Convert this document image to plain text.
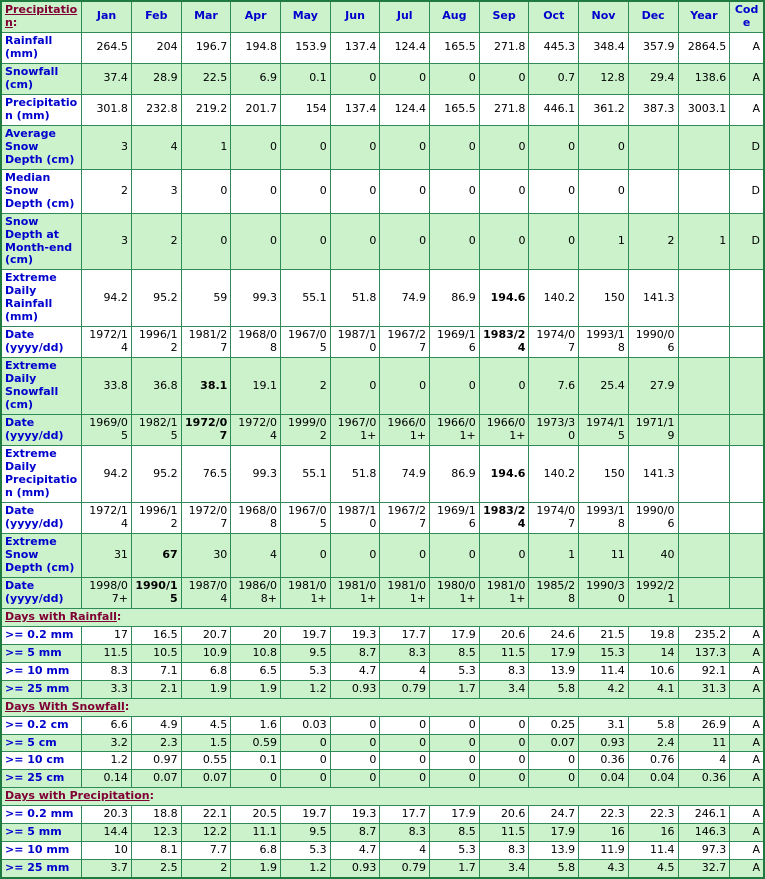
Precipitation:	Jan	Feb	Mar	Apr	May	Jun	Jul	Aug	Sep	Oct	Nov	Dec	Year	Code
Rainfall (mm)	264.5	204	196.7	194.8	153.9	137.4	124.4	165.5	271.8	445.3	348.4	357.9	2864.5	A
Snowfall (cm)	37.4	28.9	22.5	6.9	0.1	0	0	0	0	0.7	12.8	29.4	138.6	A
Precipitation (mm)	301.8	232.8	219.2	201.7	154	137.4	124.4	165.5	271.8	446.1	361.2	387.3	3003.1	A
Average Snow Depth (cm)	3	4	1	0	0	0	0	0	0	0	0			D
Median Snow Depth (cm)	2	3	0	0	0	0	0	0	0	0	0			D
Snow Depth at Month-end (cm)	3	2	0	0	0	0	0	0	0	0	1	2	1	D
Extreme Daily Rainfall (mm)	94.2	95.2	59	99.3	55.1	51.8	74.9	86.9	194.6	140.2	150	141.3		
Date (yyyy/dd)	1972/14	1996/12	1981/27	1968/08	1967/05	1987/10	1967/27	1969/16	1983/24	1974/07	1993/18	1990/06		
Extreme Daily Snowfall (cm)	33.8	36.8	38.1	19.1	2	0	0	0	0	7.6	25.4	27.9		
Date (yyyy/dd)	1969/05	1982/15	1972/07	1972/04	1999/02	1967/01+	1966/01+	1966/01+	1966/01+	1973/30	1974/15	1971/19		
Extreme Daily Precipitation (mm)	94.2	95.2	76.5	99.3	55.1	51.8	74.9	86.9	194.6	140.2	150	141.3		
Date (yyyy/dd)	1972/14	1996/12	1972/07	1968/08	1967/05	1987/10	1967/27	1969/16	1983/24	1974/07	1993/18	1990/06		
Extreme Snow Depth (cm)	31	67	30	4	0	0	0	0	0	1	11	40		
Date (yyyy/dd)	1998/07+	1990/15	1987/04	1986/08+	1981/01+	1981/01+	1981/01+	1980/01+	1981/01+	1985/28	1990/30	1992/21		
Days with Rainfall:														
>= 0.2 mm	17	16.5	20.7	20	19.7	19.3	17.7	17.9	20.6	24.6	21.5	19.8	235.2	A
>= 5 mm	11.5	10.5	10.9	10.8	9.5	8.7	8.3	8.5	11.5	17.9	15.3	14	137.3	A
>= 10 mm	8.3	7.1	6.8	6.5	5.3	4.7	4	5.3	8.3	13.9	11.4	10.6	92.1	A
>= 25 mm	3.3	2.1	1.9	1.9	1.2	0.93	0.79	1.7	3.4	5.8	4.2	4.1	31.3	A
Days With Snowfall:														
>= 0.2 cm	6.6	4.9	4.5	1.6	0.03	0	0	0	0	0.25	3.1	5.8	26.9	A
>= 5 cm	3.2	2.3	1.5	0.59	0	0	0	0	0	0.07	0.93	2.4	11	A
>= 10 cm	1.2	0.97	0.55	0.1	0	0	0	0	0	0	0.36	0.76	4	A
>= 25 cm	0.14	0.07	0.07	0	0	0	0	0	0	0	0.04	0.04	0.36	A
Days with Precipitation:														
>= 0.2 mm	20.3	18.8	22.1	20.5	19.7	19.3	17.7	17.9	20.6	24.7	22.3	22.3	246.1	A
>= 5 mm	14.4	12.3	12.2	11.1	9.5	8.7	8.3	8.5	11.5	17.9	16	16	146.3	A
>= 10 mm	10	8.1	7.7	6.8	5.3	4.7	4	5.3	8.3	13.9	11.9	11.4	97.3	A
>= 25 mm	3.7	2.5	2	1.9	1.2	0.93	0.79	1.7	3.4	5.8	4.3	4.5	32.7	A
